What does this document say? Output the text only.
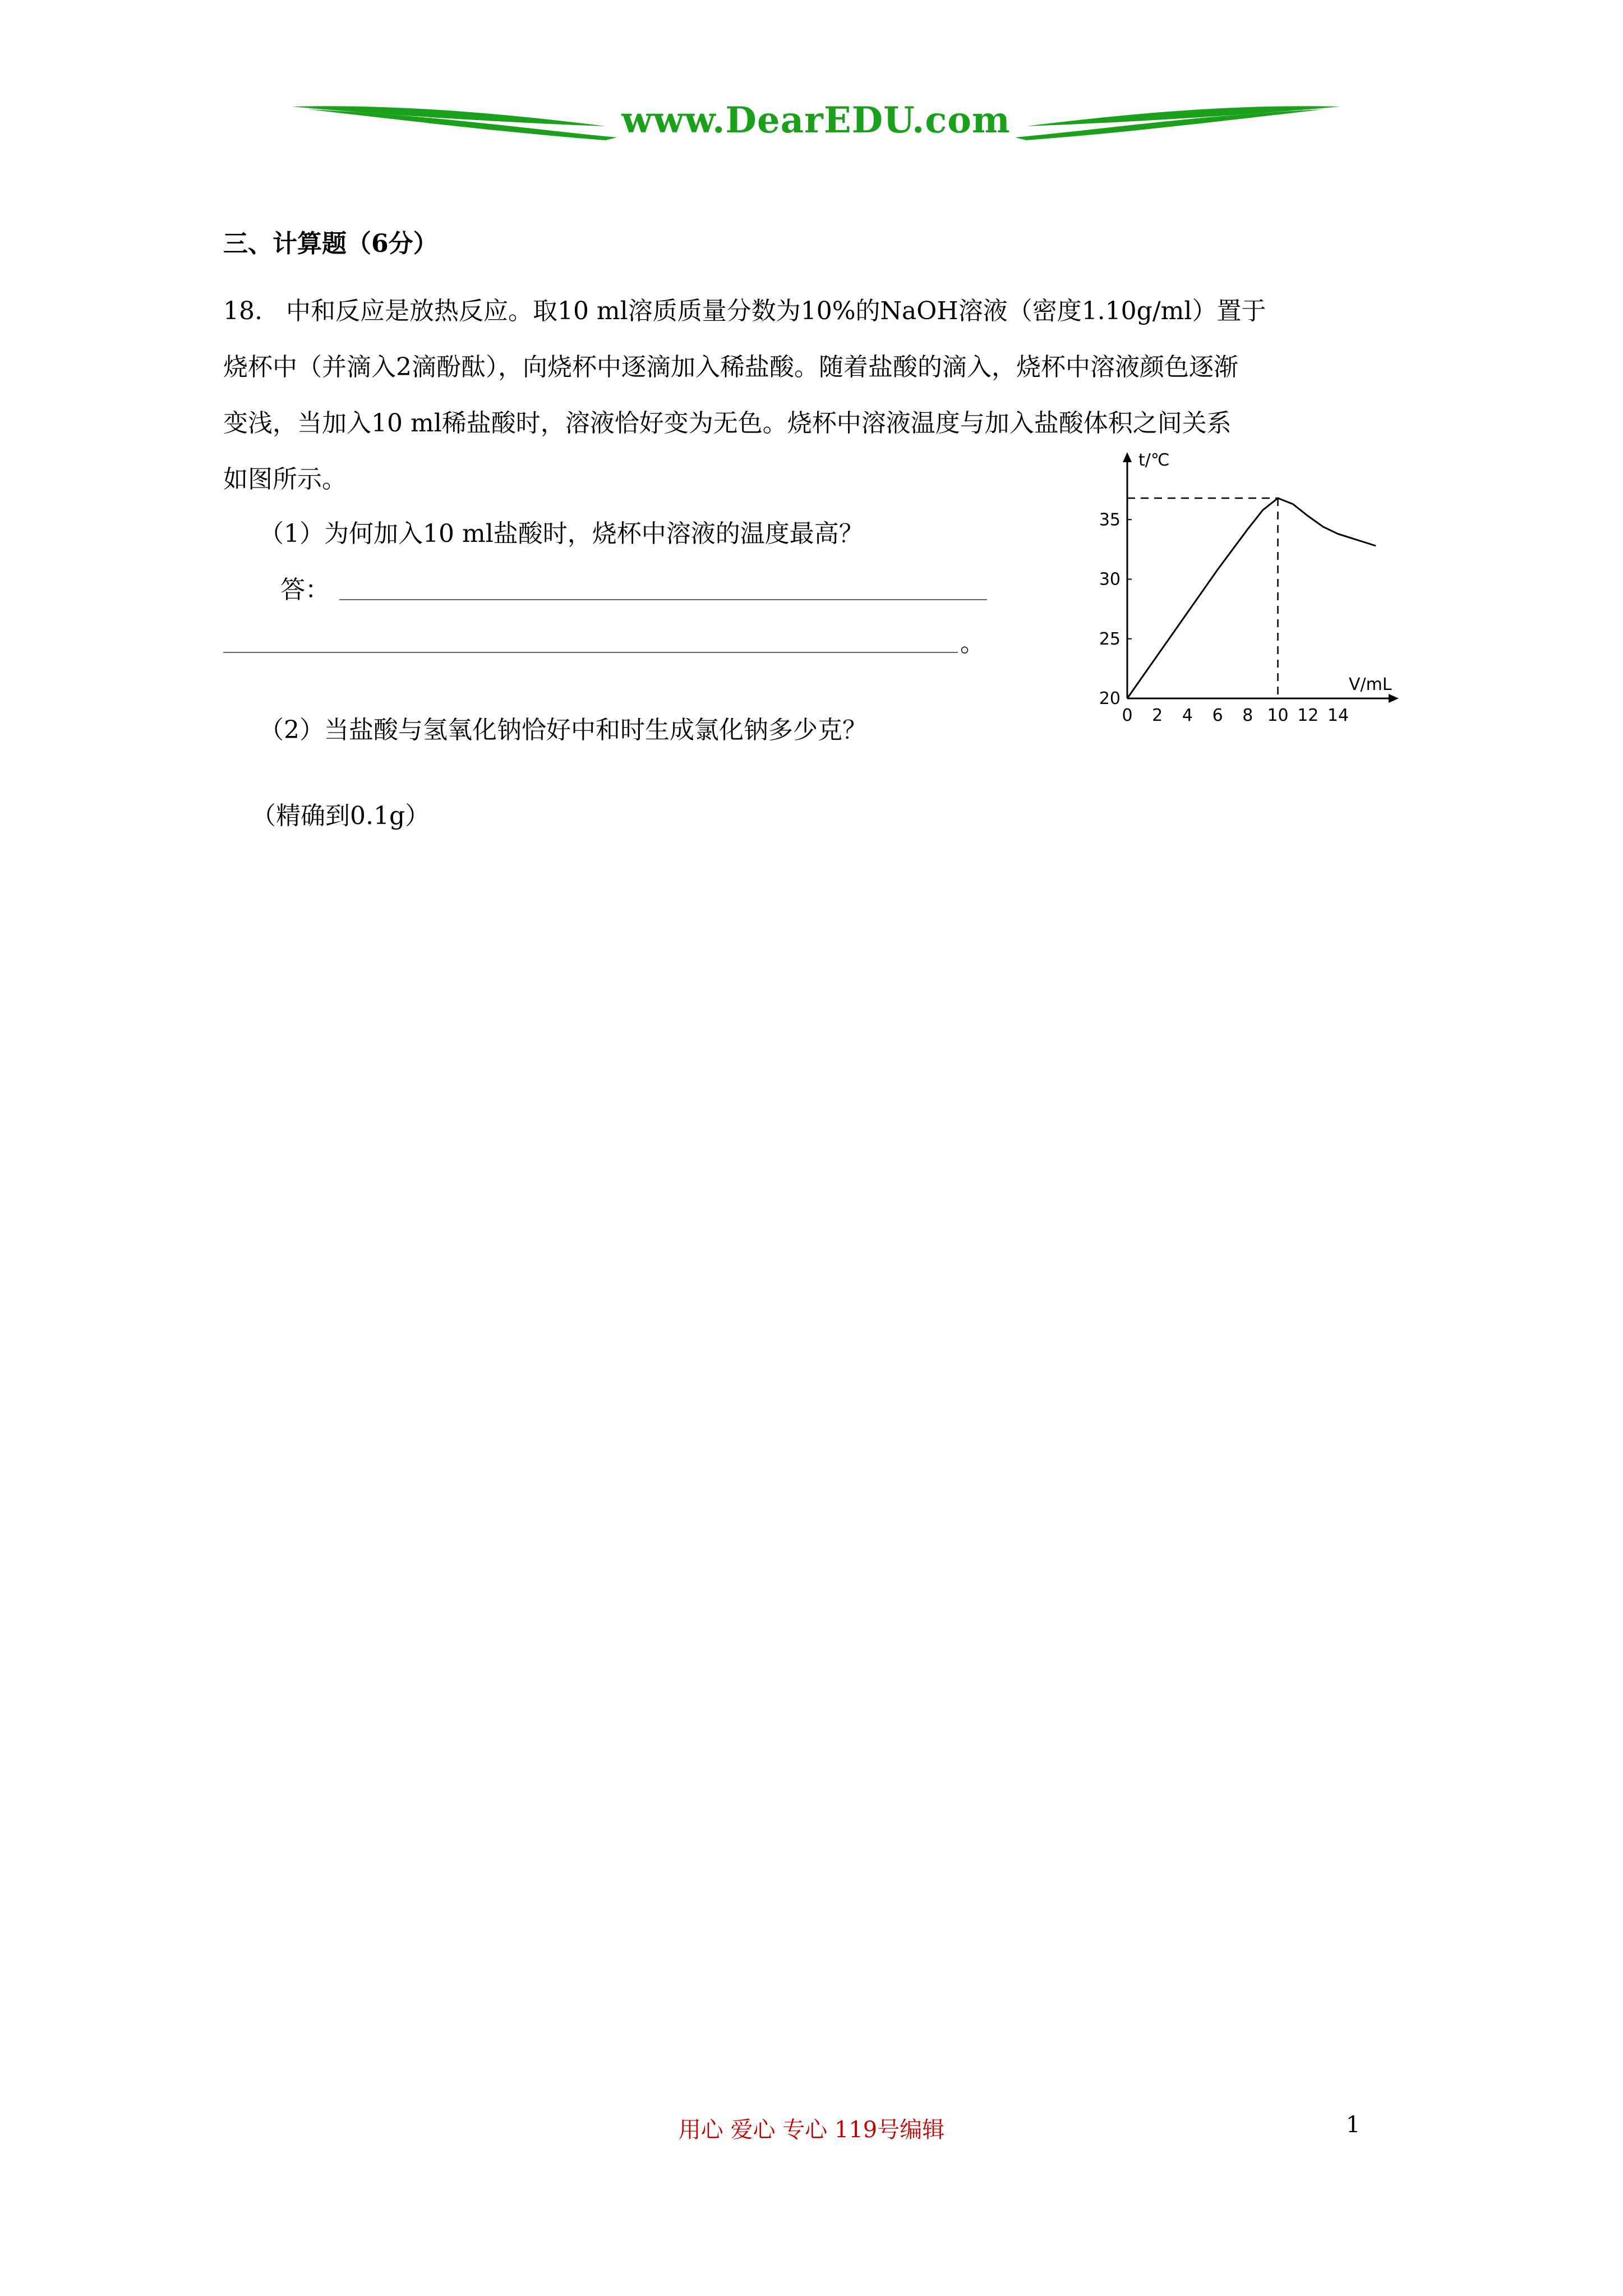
www.DearEDU.com
三、计算题（6分）
18. 中和反应是放热反应。取10 ml溶质质量分数为10%的NaOH溶液（密度1.10g/ml）置于
烧杯中（并滴入2滴酚酞），向烧杯中逐滴加入稀盐酸。随着盐酸的滴入，烧杯中溶液颜色逐渐
变浅，当加入10 ml稀盐酸时，溶液恰好变为无色。烧杯中溶液温度与加入盐酸体积之间关系
如图所示。
（1）为何加入10 ml盐酸时，烧杯中溶液的温度最高？
答：
。
（2）当盐酸与氢氧化钠恰好中和时生成氯化钠多少克？
（精确到0.1g）
t/℃
V/mL
20
25
30
35
0 2 4 6 8 10 12 14
用心 爱心 专心 119号编辑	1
